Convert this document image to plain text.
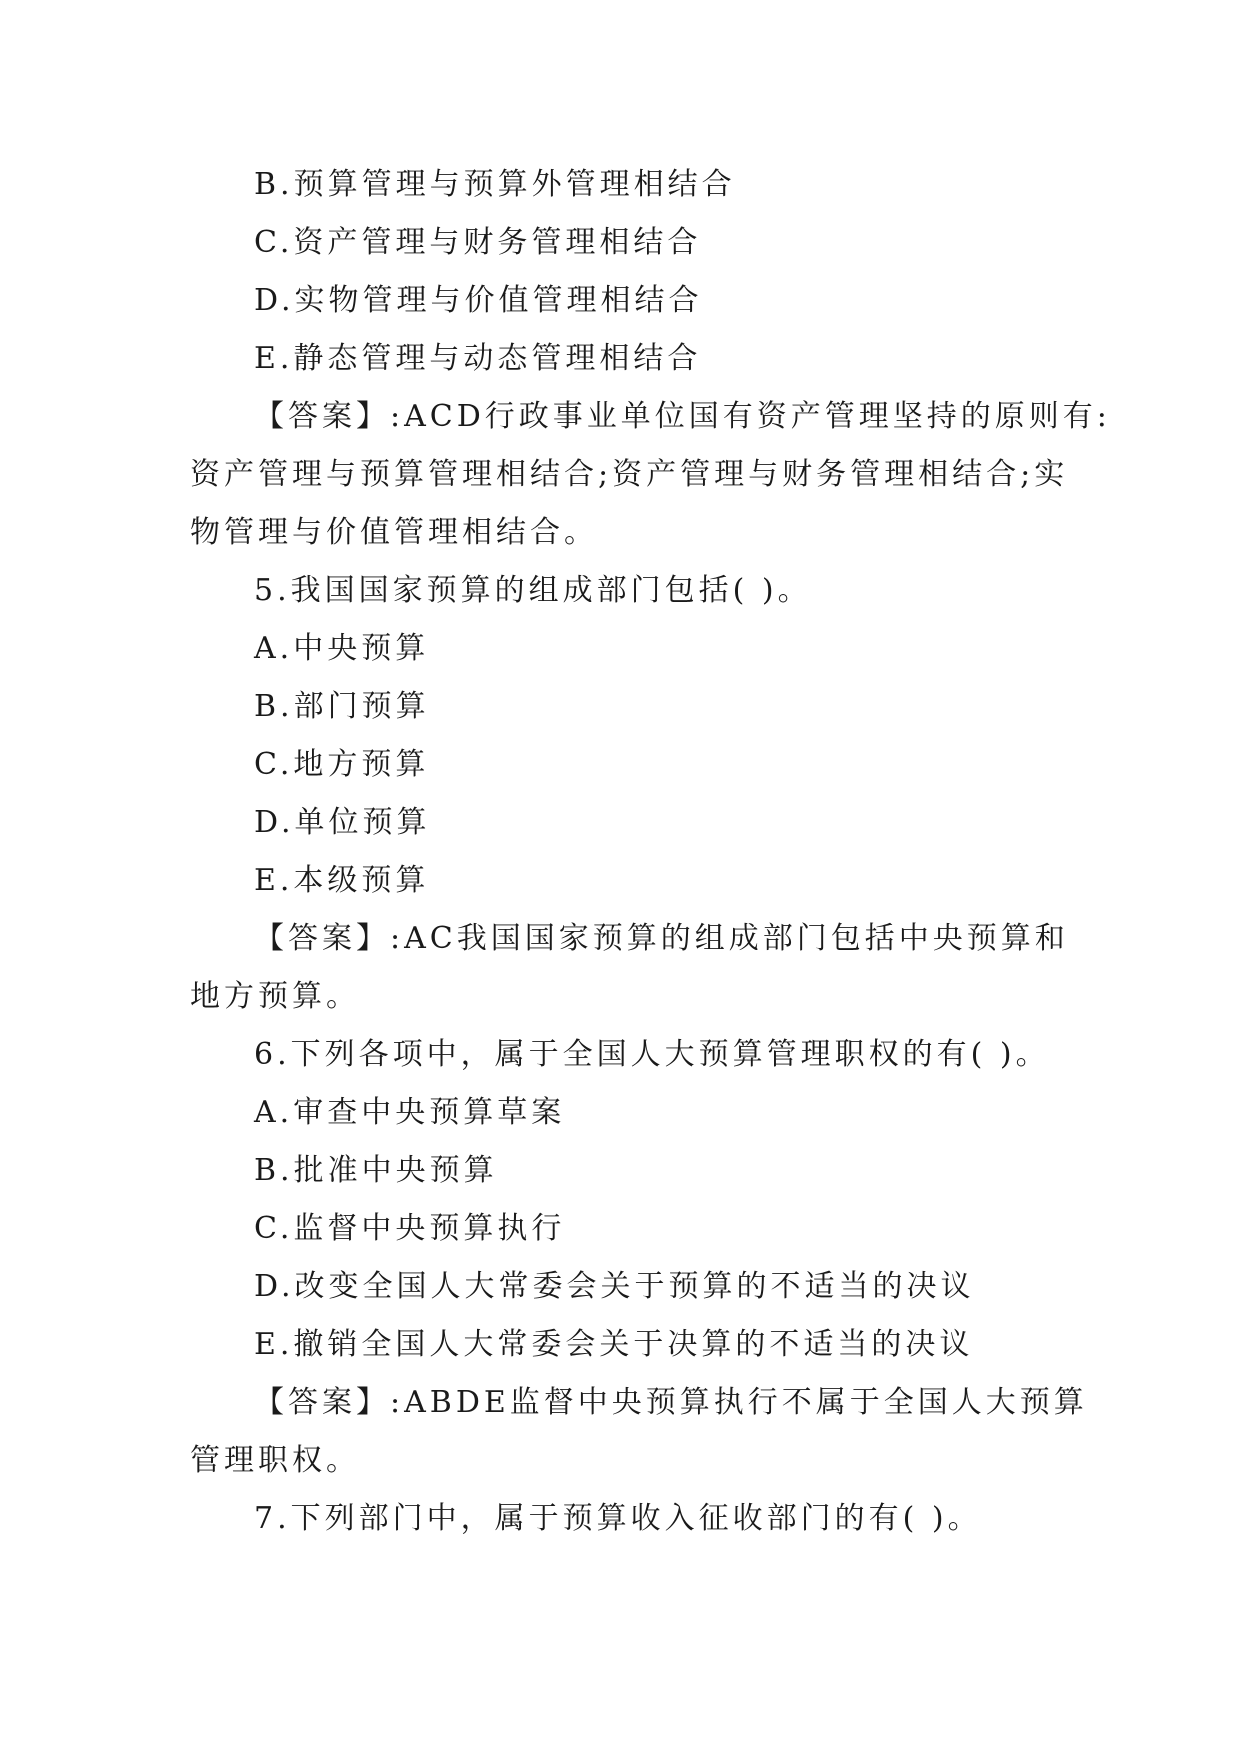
B.预算管理与预算外管理相结合
C.资产管理与财务管理相结合
D.实物管理与价值管理相结合
E.静态管理与动态管理相结合
【答案】:ACD行政事业单位国有资产管理坚持的原则有:
资产管理与预算管理相结合;资产管理与财务管理相结合;实
物管理与价值管理相结合。
5.我国国家预算的组成部门包括( )。
A.中央预算
B.部门预算
C.地方预算
D.单位预算
E.本级预算
【答案】:AC我国国家预算的组成部门包括中央预算和
地方预算。
6.下列各项中，属于全国人大预算管理职权的有( )。
A.审查中央预算草案
B.批准中央预算
C.监督中央预算执行
D.改变全国人大常委会关于预算的不适当的决议
E.撤销全国人大常委会关于决算的不适当的决议
【答案】:ABDE监督中央预算执行不属于全国人大预算
管理职权。
7.下列部门中，属于预算收入征收部门的有( )。
